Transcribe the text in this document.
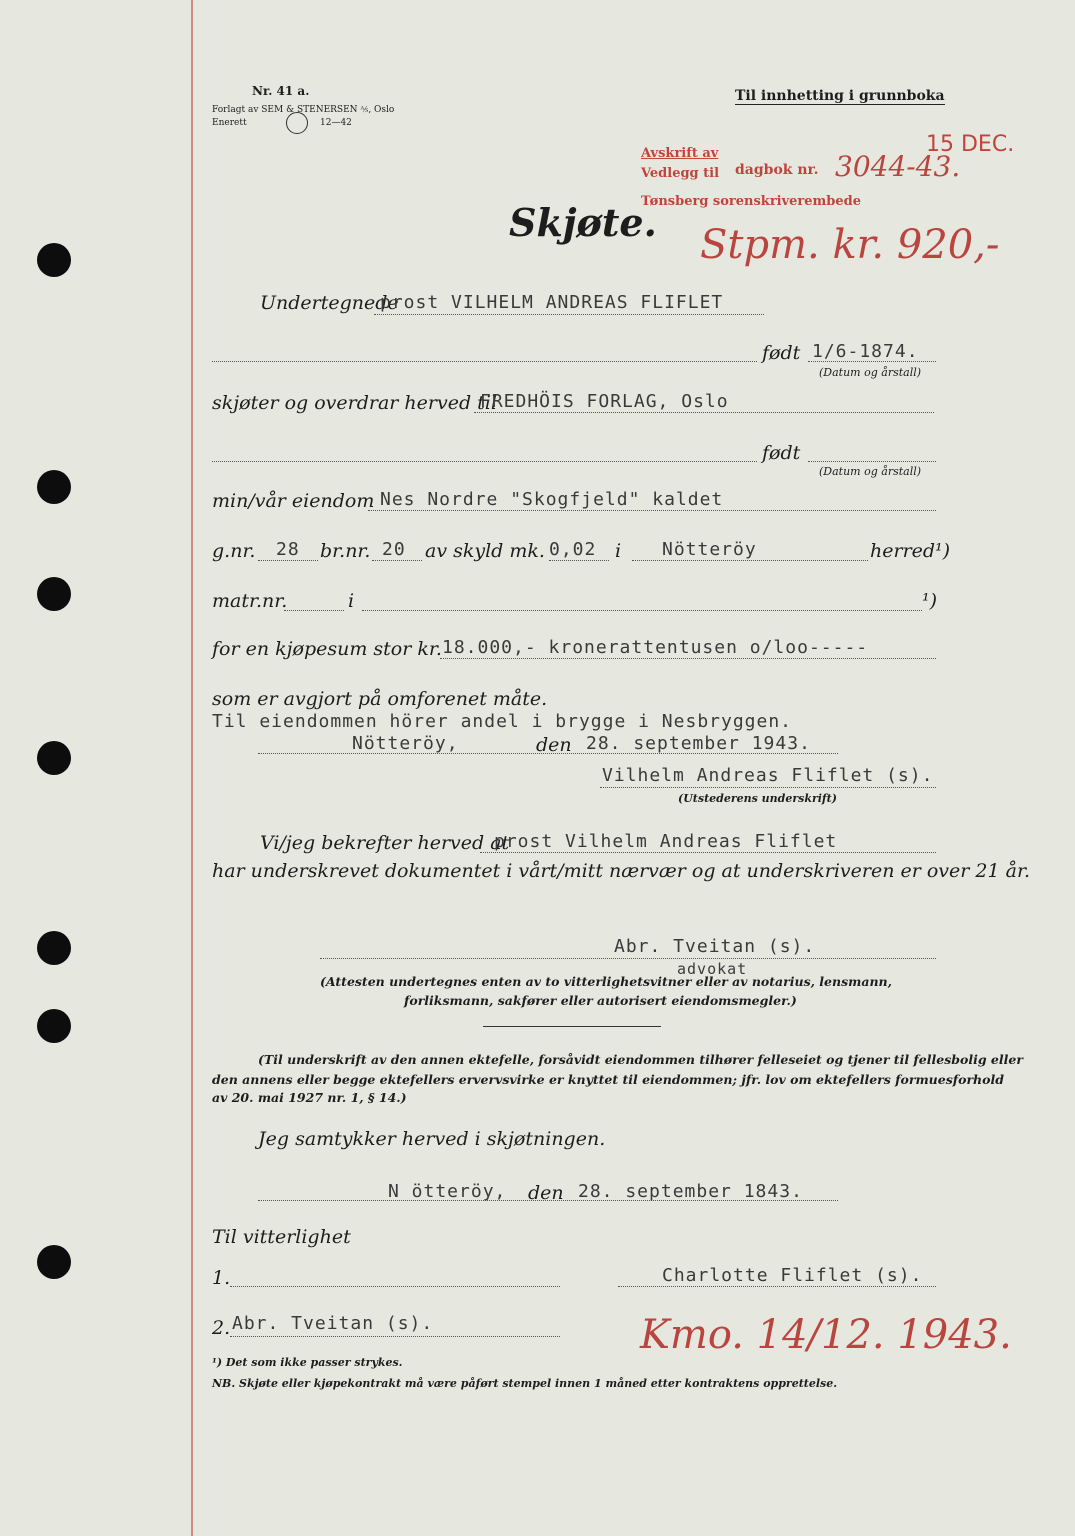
Nr. 41 a.
Forlagt av SEM & STENERSEN ⅍, Oslo
Enerett	12—42
Til innhetting i grunnboka
Avskrift av
Vedlegg til dagbok nr. 3044-43.
Tønsberg sorenskriverembede
15 DEC.
Stpm. kr. 920,-
Skjøte.
Undertegnede
prost VILHELM ANDREAS FLIFLET
født 1/6-1874.
(Datum og årstall)
skjøter og overdrar herved til
FREDHÖIS FORLAG, Oslo
født
(Datum og årstall)
min/vår eiendom Nes Nordre "Skogfjeld" kaldet
g.nr. 28 br.nr. 20 av skyld mk. 0,02 i Nötteröy	herred¹)
matr.nr.	i	¹)
for en kjøpesum stor kr. 18.000,- kronerattentusen o/loo-----
som er avgjort på omforenet måte.
Til eiendommen hörer andel i brygge i Nesbryggen.
Nötteröy,	den 28. september 1943.
Vilhelm Andreas Fliflet (s).
(Utstederens underskrift)
Vi/jeg bekrefter herved at
prost Vilhelm Andreas Fliflet
har underskrevet dokumentet i vårt/mitt nærvær og at underskriveren er over 21 år.
Abr. Tveitan (s).
advokat
(Attesten undertegnes enten av to vitterlighetsvitner eller av notarius, lensmann,
forliksmann, sakfører eller autorisert eiendomsmegler.)
(Til underskrift av den annen ektefelle, forsåvidt eiendommen tilhører felleseiet og tjener til fellesbolig eller
den annens eller begge ektefellers ervervsvirke er knyttet til eiendommen; jfr. lov om ektefellers formuesforhold
av 20. mai 1927 nr. 1, § 14.)
Jeg samtykker herved i skjøtningen.
N ötteröy, den 28. september 1843.
Til vitterlighet
1.	Charlotte Fliflet (s).
2. Abr. Tveitan (s).	Kmo. 14/12. 1943.
¹) Det som ikke passer strykes.
NB. Skjøte eller kjøpekontrakt må være påført stempel innen 1 måned etter kontraktens opprettelse.
